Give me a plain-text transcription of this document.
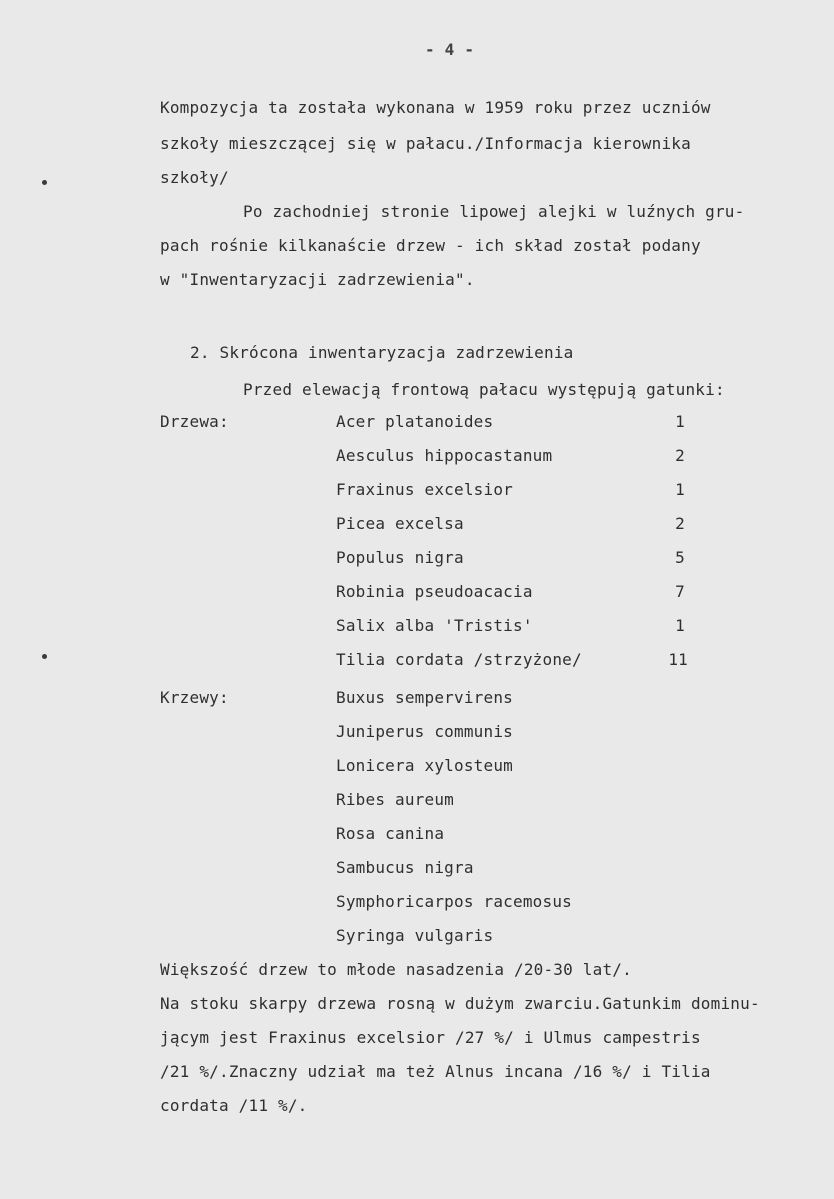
- 4 -
Kompozycja ta została wykonana w 1959 roku przez uczniów
szkoły mieszczącej się w pałacu./Informacja kierownika
szkoły/
Po zachodniej stronie lipowej alejki w luźnych gru-
pach rośnie kilkanaście drzew - ich skład został podany
w "Inwentaryzacji zadrzewienia".
2. Skrócona inwentaryzacja zadrzewienia
Przed elewacją frontową pałacu występują gatunki:
Drzewa:	Acer platanoides	1
Aesculus hippocastanum	2
Fraxinus excelsior	1
Picea excelsa	2
Populus nigra	5
Robinia pseudoacacia	7
Salix alba 'Tristis'	1
Tilia cordata /strzyżone/	11
Krzewy:	Buxus sempervirens
Juniperus communis
Lonicera xylosteum
Ribes aureum
Rosa canina
Sambucus nigra
Symphoricarpos racemosus
Syringa vulgaris
Większość drzew to młode nasadzenia /20-30 lat/.
Na stoku skarpy drzewa rosną w dużym zwarciu.Gatunkim dominu-
jącym jest Fraxinus excelsior /27 %/ i Ulmus campestris
/21 %/.Znaczny udział ma też Alnus incana /16 %/ i Tilia
cordata /11 %/.
